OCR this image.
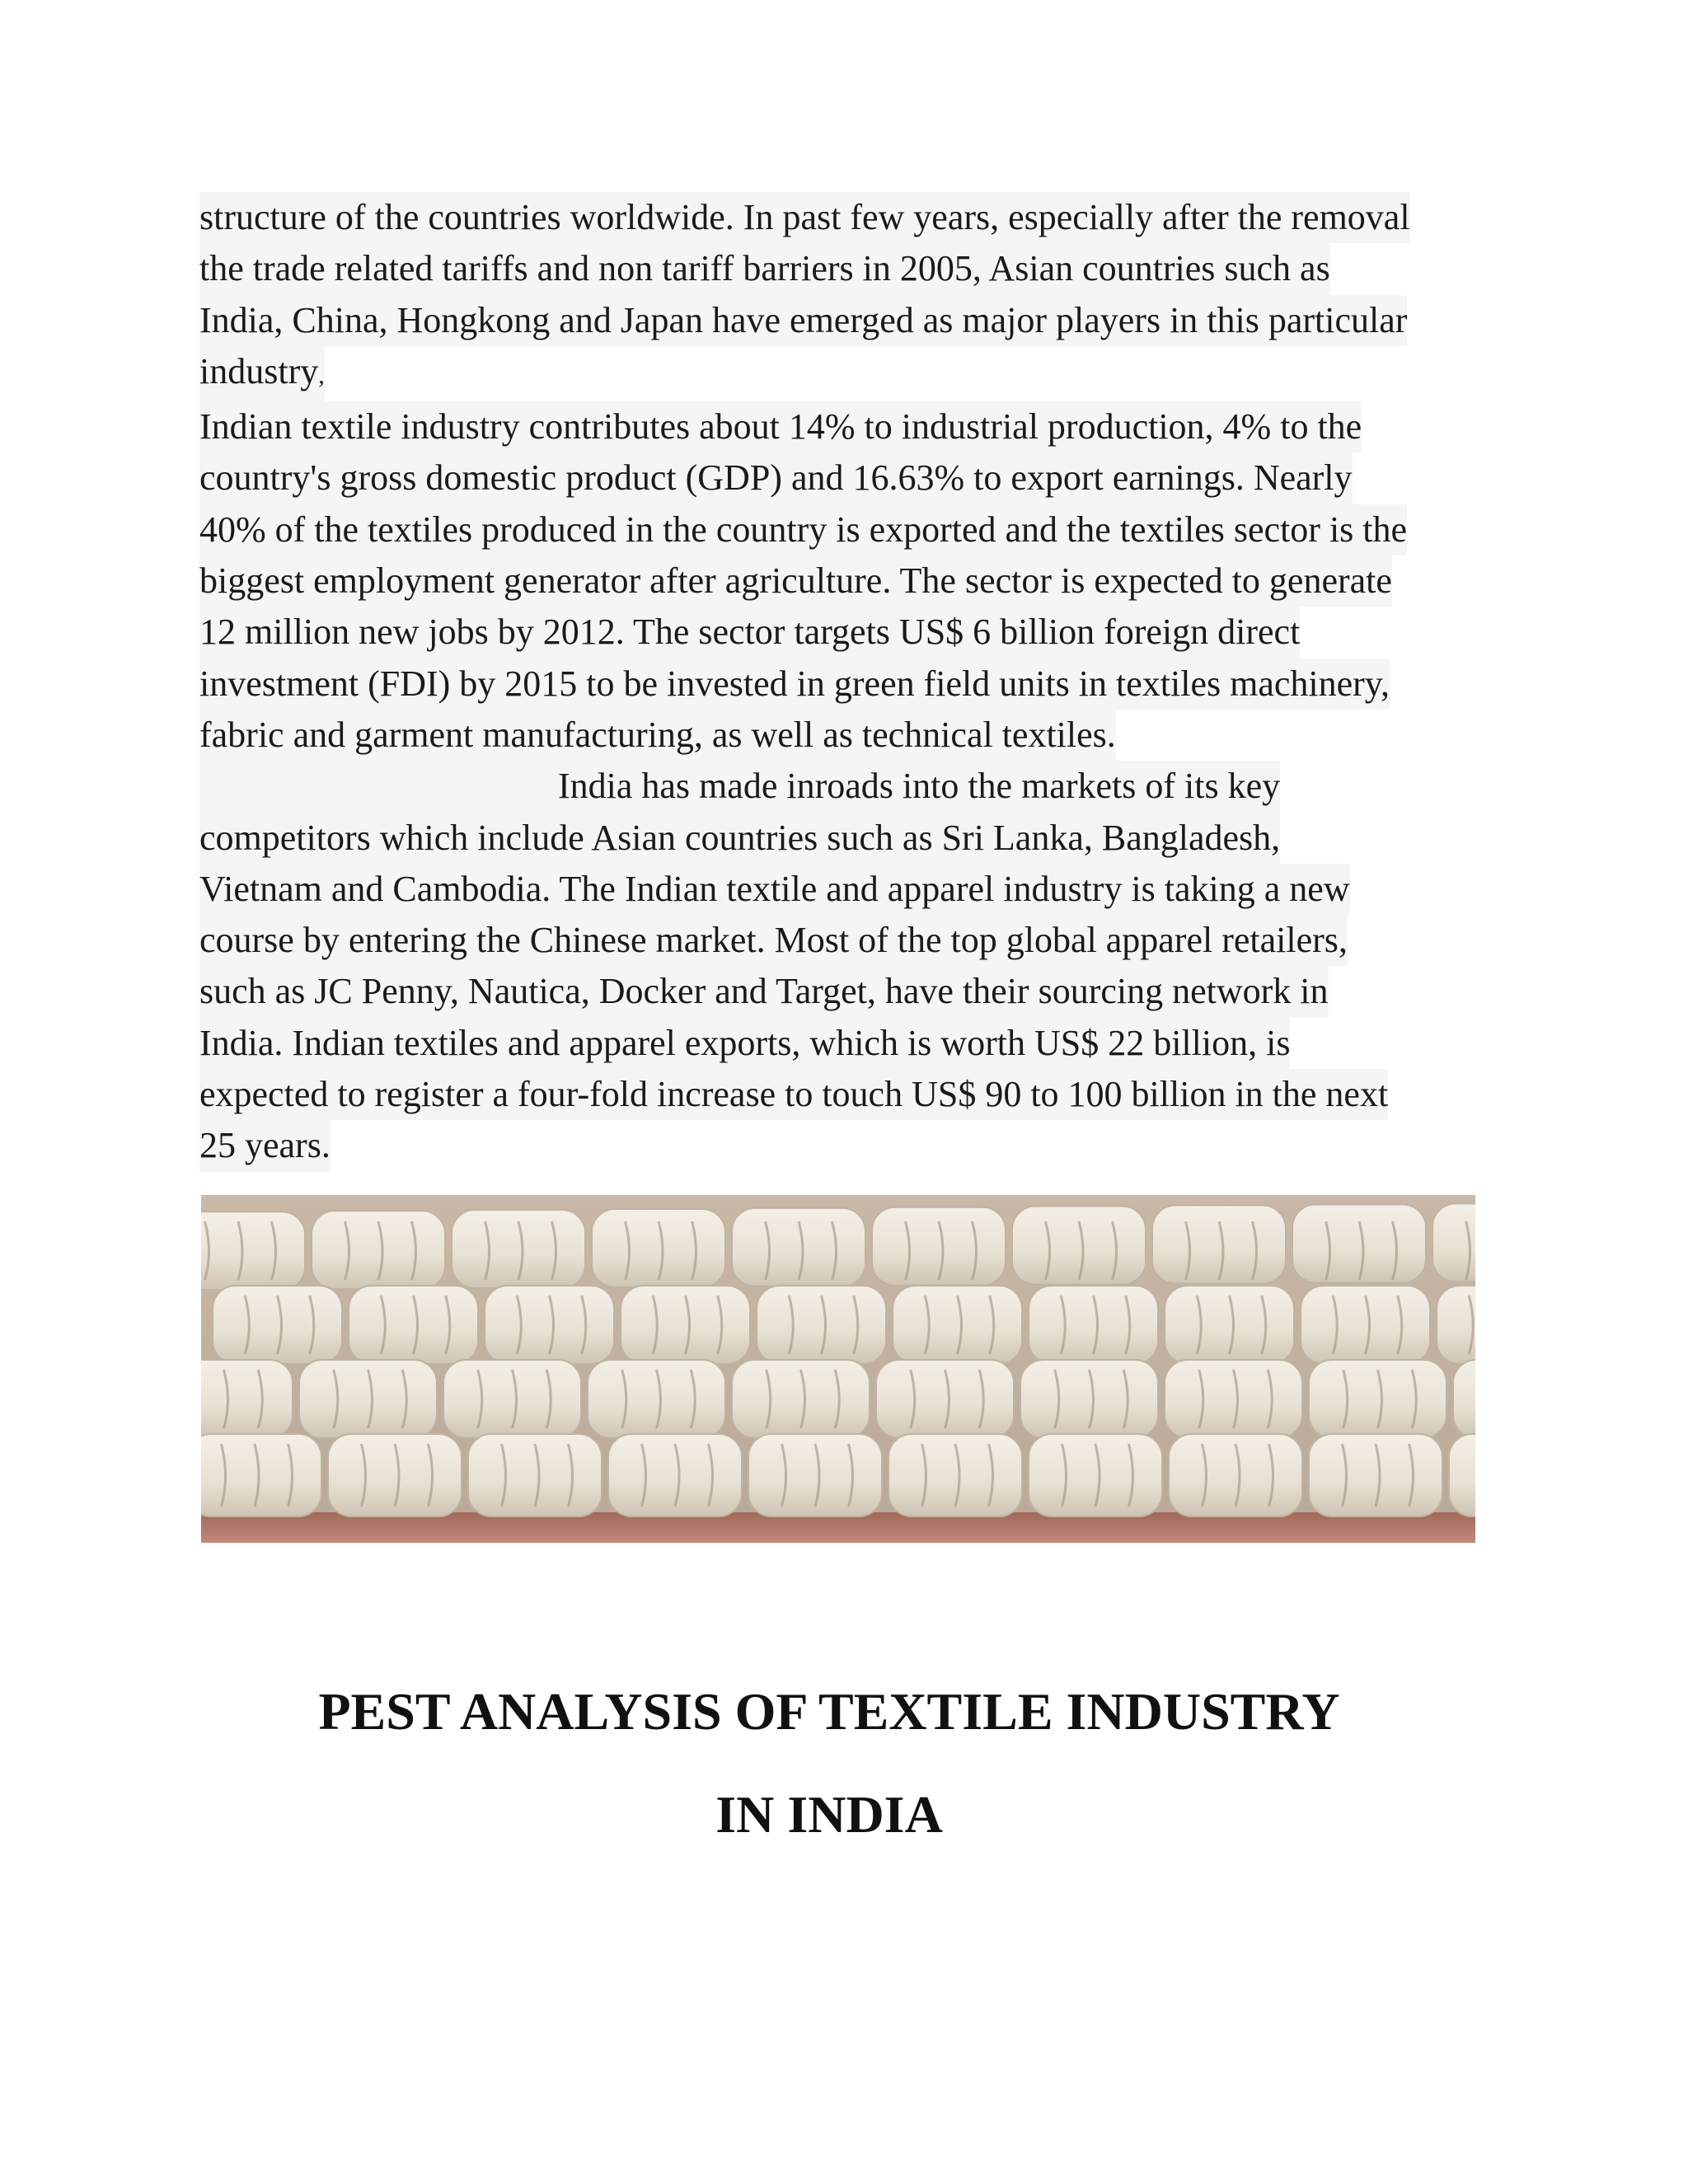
structure of the countries worldwide. In past few years, especially after the removal
the trade related tariffs and non tariff barriers in 2005, Asian countries such as
India, China, Hongkong and Japan have emerged as major players in this particular
industry,
Indian textile industry contributes about 14% to industrial production, 4% to the
country's gross domestic product (GDP) and 16.63% to export earnings. Nearly
40% of the textiles produced in the country is exported and the textiles sector is the
biggest employment generator after agriculture. The sector is expected to generate
12 million new jobs by 2012. The sector targets US$ 6 billion foreign direct
investment (FDI) by 2015 to be invested in green field units in textiles machinery,
fabric and garment manufacturing, as well as technical textiles.
India has made inroads into the markets of its key
competitors which include Asian countries such as Sri Lanka, Bangladesh,
Vietnam and Cambodia. The Indian textile and apparel industry is taking a new
course by entering the Chinese market. Most of the top global apparel retailers,
such as JC Penny, Nautica, Docker and Target, have their sourcing network in
India. Indian textiles and apparel exports, which is worth US$ 22 billion, is
expected to register a four-fold increase to touch US$ 90 to 100 billion in the next
25 years.
PEST ANALYSIS OF TEXTILE INDUSTRY
IN INDIA
